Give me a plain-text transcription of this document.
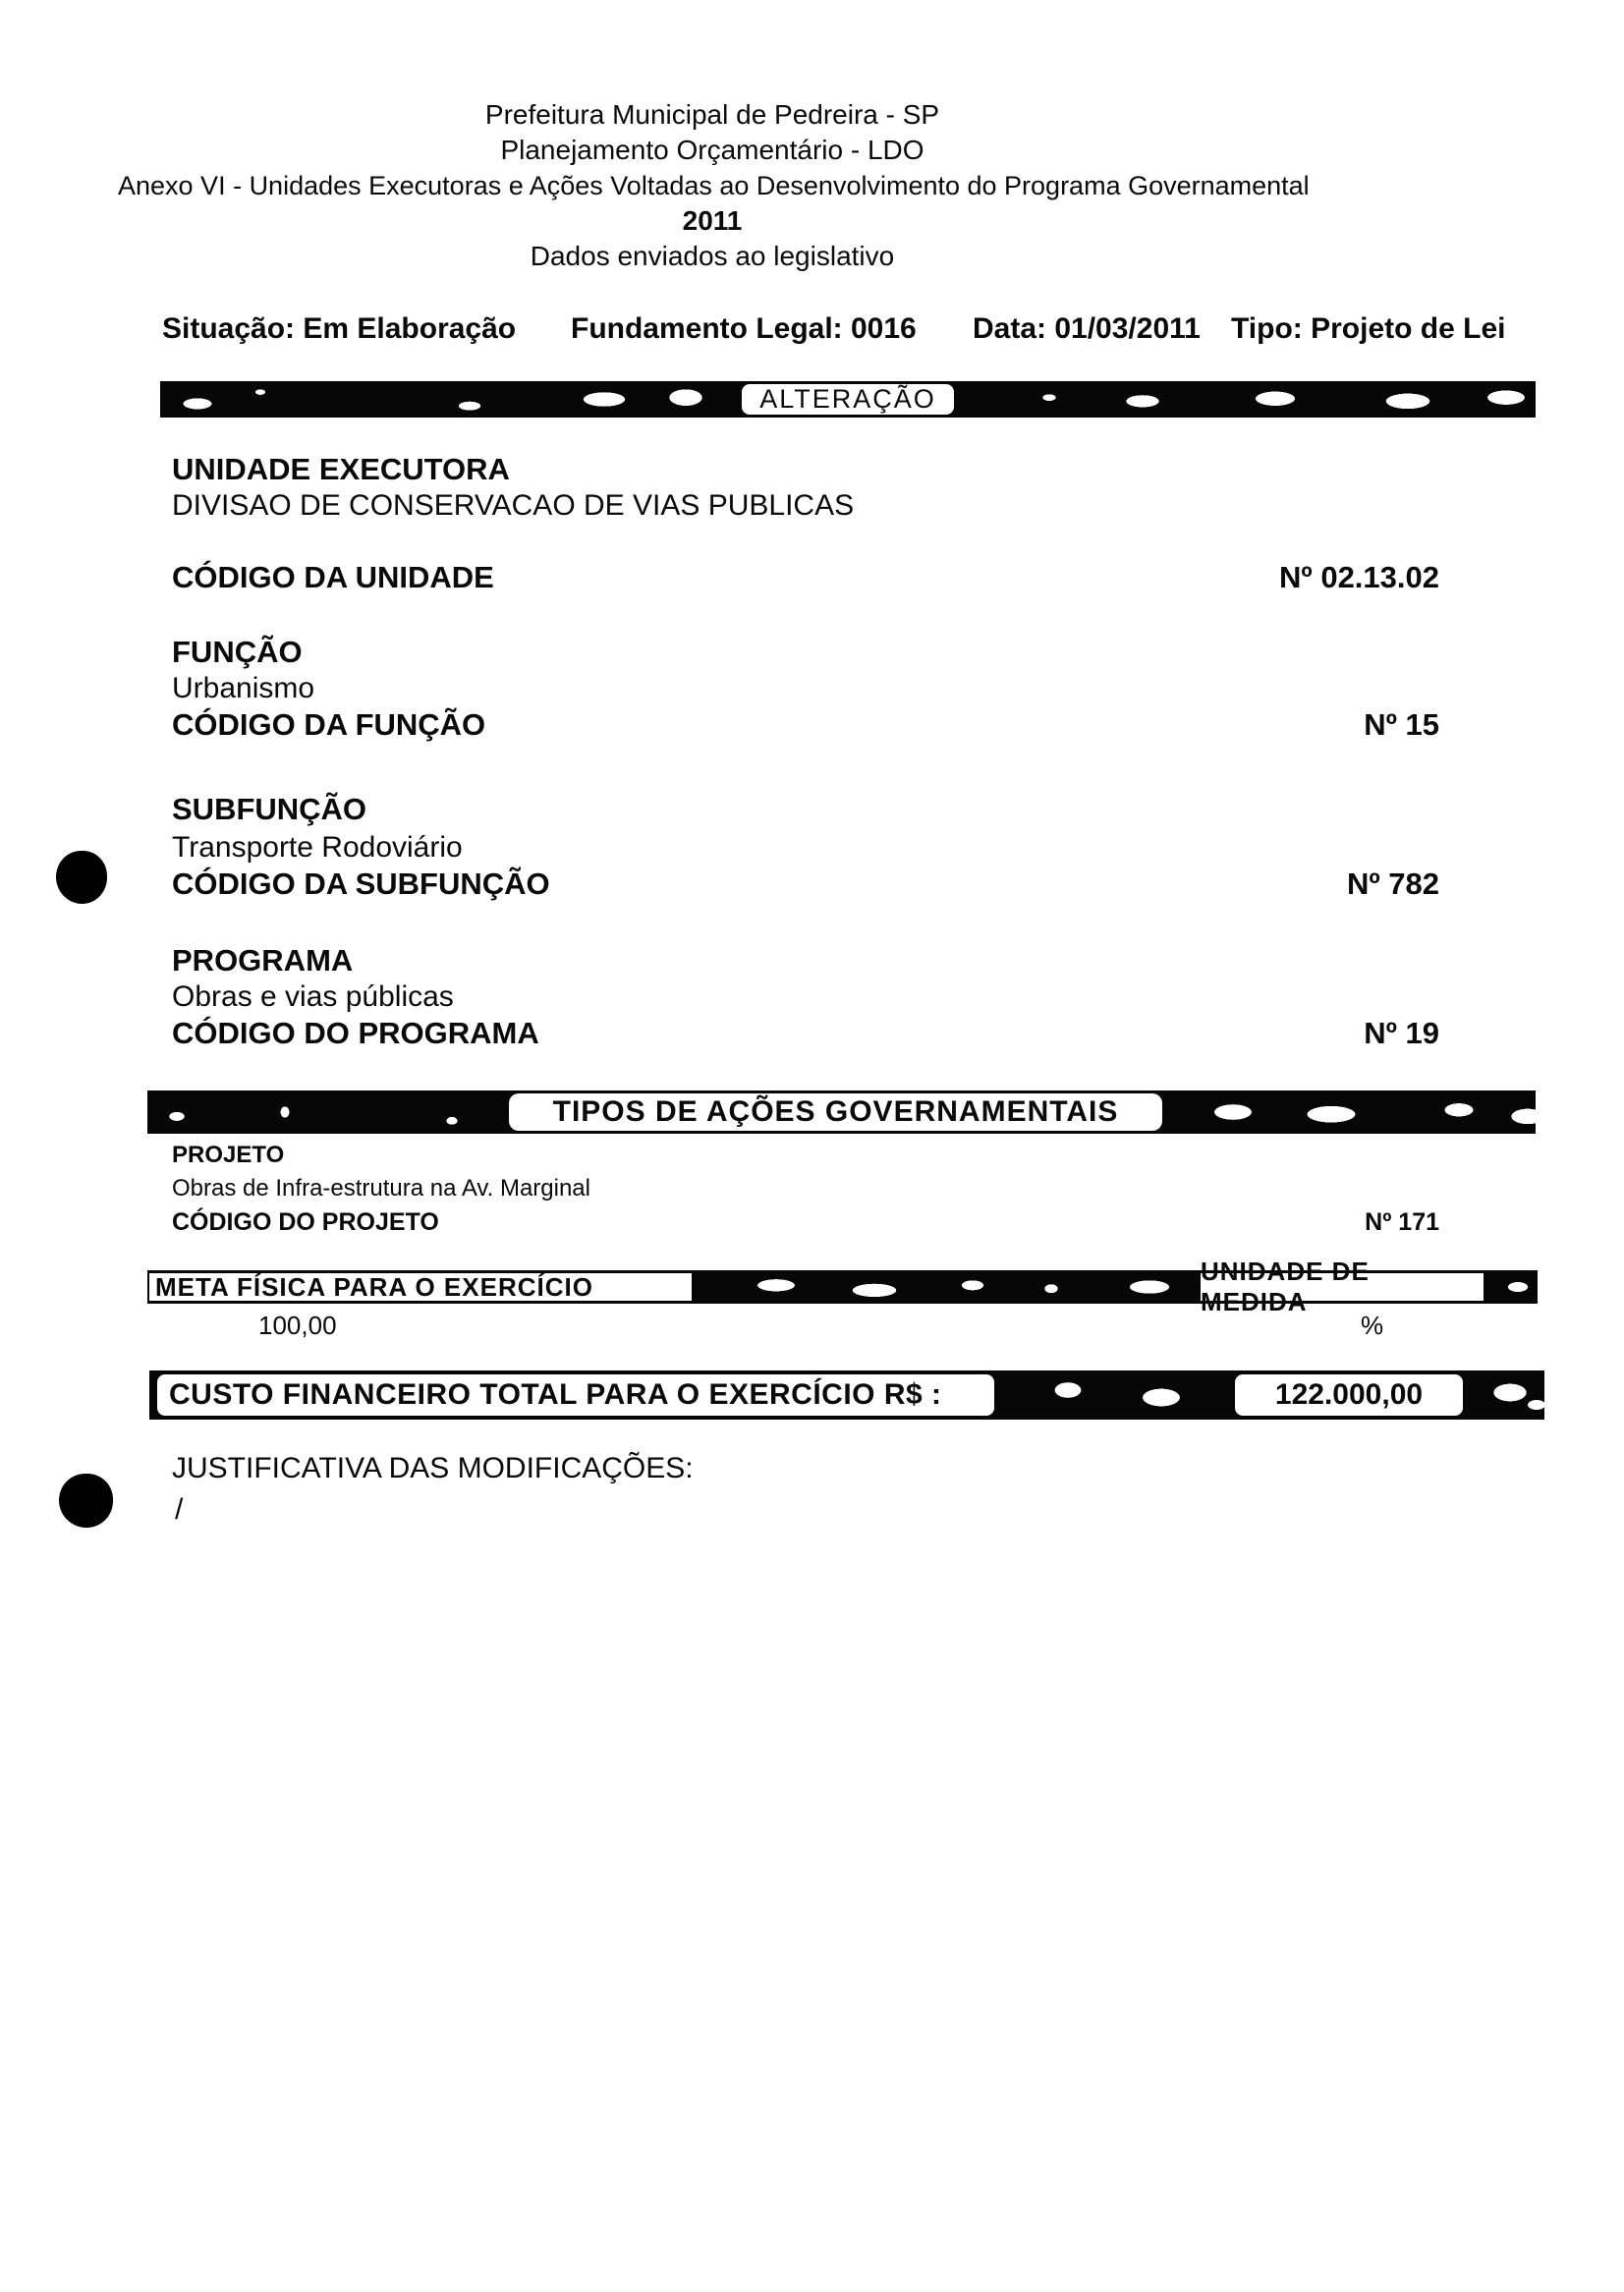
Prefeitura Municipal de Pedreira - SP
Planejamento Orçamentário - LDO
Anexo VI - Unidades Executoras e Ações Voltadas ao Desenvolvimento do Programa Governamental
2011
Dados enviados ao legislativo
Situação: Em Elaboração Fundamento Legal: 0016 Data: 01/03/2011 Tipo: Projeto de Lei
ALTERAÇÃO
UNIDADE EXECUTORA
DIVISAO DE CONSERVACAO DE VIAS PUBLICAS
CÓDIGO DA UNIDADE	Nº 02.13.02
FUNÇÃO
Urbanismo
CÓDIGO DA FUNÇÃO	Nº 15
SUBFUNÇÃO
Transporte Rodoviário
CÓDIGO DA SUBFUNÇÃO	Nº 782
PROGRAMA
Obras e vias públicas
CÓDIGO DO PROGRAMA	Nº 19
TIPOS DE AÇÕES GOVERNAMENTAIS
PROJETO
Obras de Infra-estrutura na Av. Marginal
CÓDIGO DO PROJETO	Nº 171
META FÍSICA PARA O EXERCÍCIO
UNIDADE DE MEDIDA
100,00	%
CUSTO FINANCEIRO TOTAL PARA O EXERCÍCIO R$ :	122.000,00
JUSTIFICATIVA DAS MODIFICAÇÕES:
/
